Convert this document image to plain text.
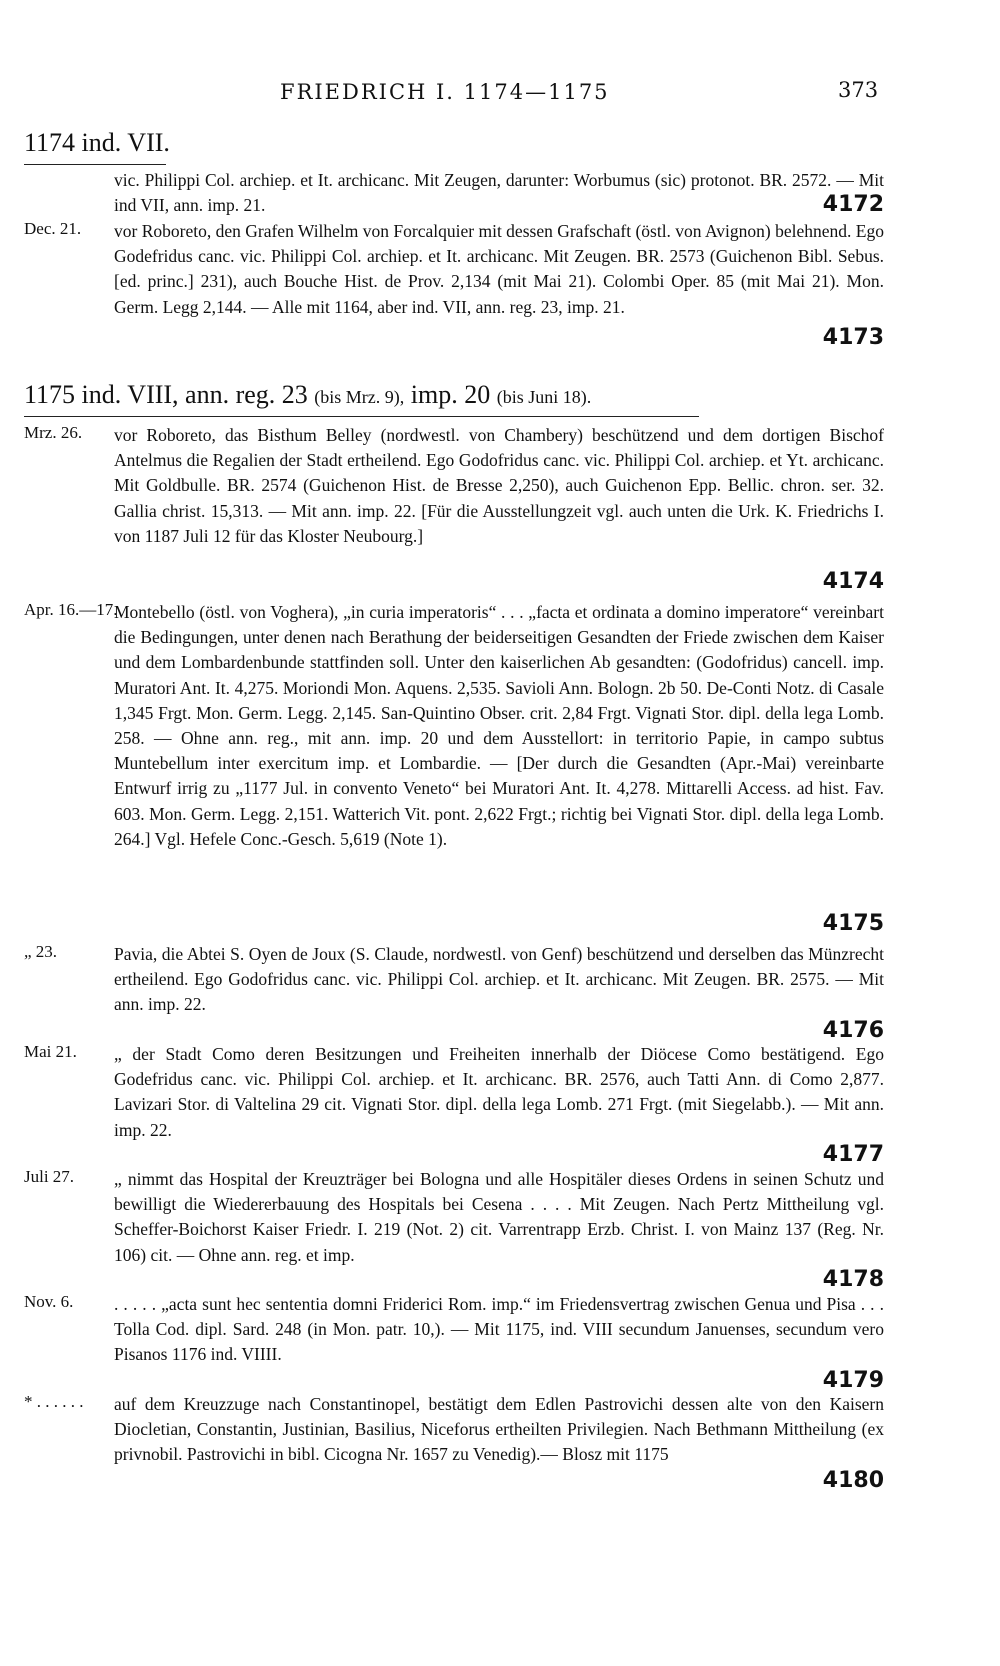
FRIEDRICH I. 1174—1175	373
1174 ind. VII.
vic. Philippi Col. archiep. et It. archicanc. Mit Zeugen, darunter: Worbumus (sic) protonot. BR. 2572. — Mit ind VII, ann. imp. 21.	4172
Dec. 21. vor Roboreto, den Grafen Wilhelm von Forcalquier mit dessen Grafschaft (östl. von Avignon) belehnend. Ego Godefridus canc. vic. Philippi Col. archiep. et It. archicanc. Mit Zeugen. BR. 2573 (Guichenon Bibl. Sebus. [ed. princ.] 231), auch Bouche Hist. de Prov. 2,134 (mit Mai 21). Colombi Oper. 85 (mit Mai 21). Mon. Germ. Legg 2,144. — Alle mit 1164, aber ind. VII, ann. reg. 23, imp. 21.
4173
1175 ind. VIII, ann. reg. 23 (bis Mrz. 9), imp. 20 (bis Juni 18).
Mrz. 26. vor Roboreto, das Bisthum Belley (nordwestl. von Chambery) beschützend und dem dortigen Bischof Antelmus die Regalien der Stadt ertheilend. Ego Godofridus canc. vic. Philippi Col. archiep. et Yt. archicanc. Mit Goldbulle. BR. 2574 (Guichenon Hist. de Bresse 2,250), auch Guichenon Epp. Bellic. chron. ser. 32. Gallia christ. 15,313. — Mit ann. imp. 22. [Für die Ausstellungzeit vgl. auch unten die Urk. K. Friedrichs I. von 1187 Juli 12 für das Kloster Neubourg.]
4174
Apr. 16.—17.
Montebello (östl. von Voghera), „in curia imperatoris“ . . . „facta et ordinata a domino imperatore“ vereinbart die Bedingungen, unter denen nach Berathung der beiderseitigen Gesandten der Friede zwischen dem Kaiser und dem Lombardenbunde stattfinden soll. Unter den kaiserlichen Ab gesandten: (Godofridus) cancell. imp. Muratori Ant. It. 4,275. Moriondi Mon. Aquens. 2,535. Savioli Ann. Bologn. 2b 50. De-Conti Notz. di Casale 1,345 Frgt. Mon. Germ. Legg. 2,145. San-Quintino Obser. crit. 2,84 Frgt. Vignati Stor. dipl. della lega Lomb. 258. — Ohne ann. reg., mit ann. imp. 20 und dem Ausstellort: in territorio Papie, in campo subtus Muntebellum inter exercitum imp. et Lombardie. — [Der durch die Gesandten (Apr.-Mai) vereinbarte Entwurf irrig zu „1177 Jul. in convento Veneto“ bei Muratori Ant. It. 4,278. Mittarelli Access. ad hist. Fav. 603. Mon. Germ. Legg. 2,151. Watterich Vit. pont. 2,622 Frgt.; richtig bei Vignati Stor. dipl. della lega Lomb. 264.] Vgl. Hefele Conc.-Gesch. 5,619 (Note 1).
4175
„ 23.	Pavia, die Abtei S. Oyen de Joux (S. Claude, nordwestl. von Genf) beschützend und derselben das Münzrecht ertheilend. Ego Godofridus canc. vic. Philippi Col. archiep. et It. archicanc. Mit Zeugen. BR. 2575. — Mit ann. imp. 22.
4176
Mai 21. „ der Stadt Como deren Besitzungen und Freiheiten innerhalb der Diöcese Como bestätigend. Ego Godefridus canc. vic. Philippi Col. archiep. et It. archicanc. BR. 2576, auch Tatti Ann. di Como 2,877. Lavizari Stor. di Valtelina 29 cit. Vignati Stor. dipl. della lega Lomb. 271 Frgt. (mit Siegelabb.). — Mit ann. imp. 22.
4177
Juli 27. „ nimmt das Hospital der Kreuzträger bei Bologna und alle Hospitäler dieses Ordens in seinen Schutz und bewilligt die Wiedererbauung des Hospitals bei Cesena . . . . Mit Zeugen. Nach Pertz Mittheilung vgl. Scheffer-Boichorst Kaiser Friedr. I. 219 (Not. 2) cit. Varrentrapp Erzb. Christ. I. von Mainz 137 (Reg. Nr. 106) cit. — Ohne ann. reg. et imp.
4178
Nov. 6. . . . . . „acta sunt hec sententia domni Friderici Rom. imp.“ im Friedensvertrag zwischen Genua und Pisa . . . Tolla Cod. dipl. Sard. 248 (in Mon. patr. 10,). — Mit 1175, ind. VIII secundum Januenses, secundum vero Pisanos 1176 ind. VIIII.
4179
* . . . . . . auf dem Kreuzzuge nach Constantinopel, bestätigt dem Edlen Pastrovichi dessen alte von den Kaisern Diocletian, Constantin, Justinian, Basilius, Niceforus ertheilten Privilegien. Nach Bethmann Mittheilung (ex privnobil. Pastrovichi in bibl. Cicogna Nr. 1657 zu Venedig).— Blosz mit 1175
4180
